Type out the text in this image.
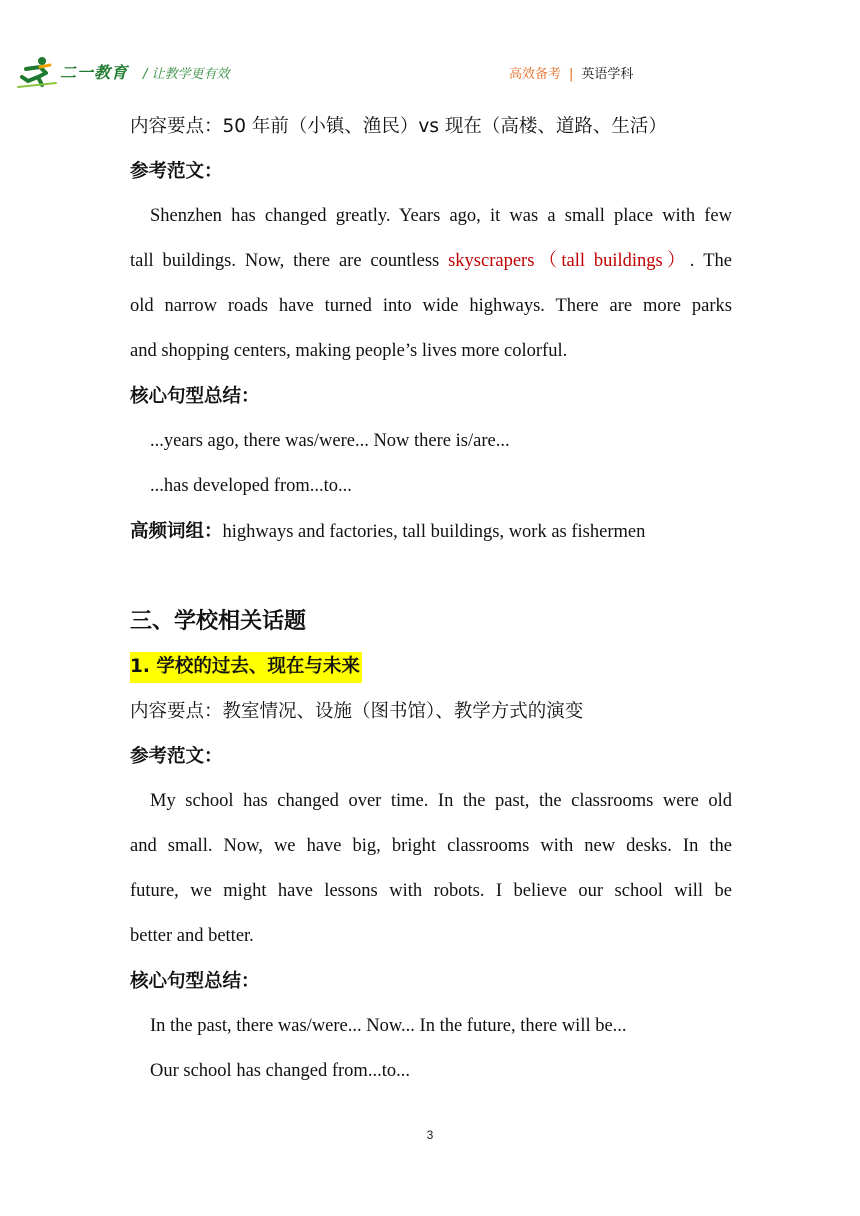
二一教育 / 让教学更有效	高效备考 | 英语学科
内容要点：50 年前（小镇、渔民）vs 现在（高楼、道路、生活）
参考范文：
Shenzhen has changed greatly. Years ago, it was a small place with few
tall buildings. Now, there are countless skyscrapers（tall buildings）. The
old narrow roads have turned into wide highways. There are more parks
and shopping centers, making people’s lives more colorful.
核心句型总结：
...years ago, there was/were... Now there is/are...
...has developed from...to...
高频词组：highways and factories, tall buildings, work as fishermen
三、学校相关话题
1. 学校的过去、现在与未来
内容要点：教室情况、设施（图书馆）、教学方式的演变
参考范文：
My school has changed over time. In the past, the classrooms were old
and small. Now, we have big, bright classrooms with new desks. In the
future, we might have lessons with robots. I believe our school will be
better and better.
核心句型总结：
In the past, there was/were... Now... In the future, there will be...
Our school has changed from...to...
3
